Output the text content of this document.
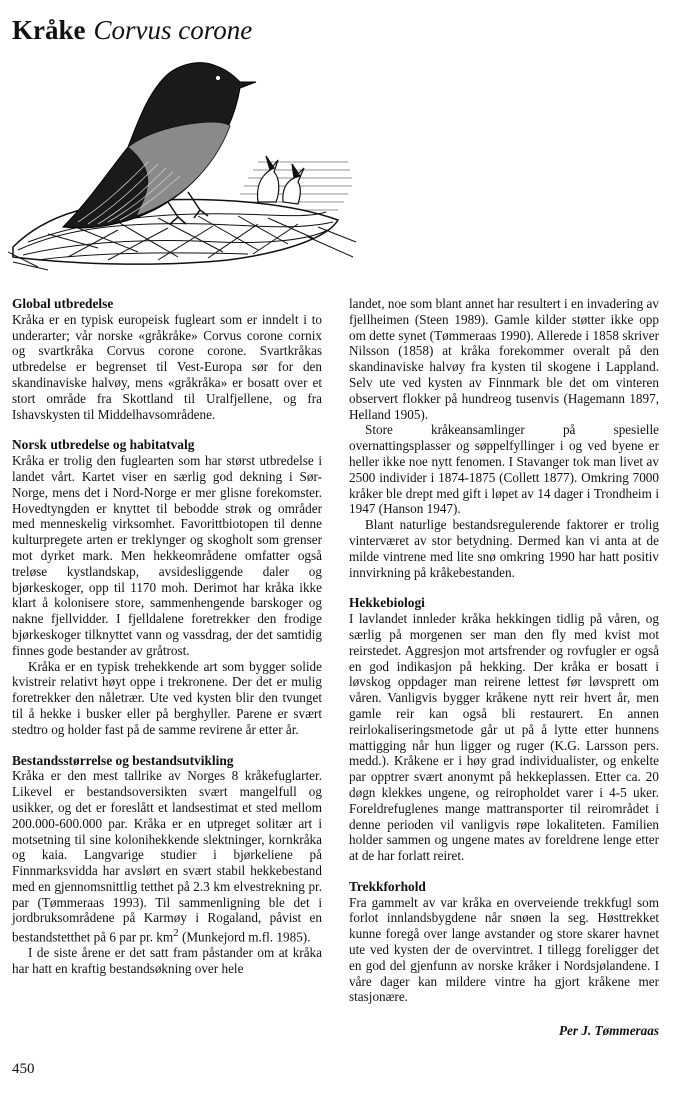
Kråke Corvus corone

Global utbredelse

Kråka er en typisk europeisk fugleart som er inndelt i to underarter; vår norske «gråkråke» Corvus corone cornix og svartkråka Corvus corone corone. Svartkråkas utbredelse er begrenset til Vest-Europa sør for den skandinaviske halvøy, mens «gråkråka» er bosatt over et stort område fra Skottland til Uralfjellene, og fra Ishavskysten til Middelhavsområdene.

Norsk utbredelse og habitatvalg

Kråka er trolig den fuglearten som har størst utbredelse i landet vårt. Kartet viser en særlig god dekning i Sør-Norge, mens det i Nord-Norge er mer glisne forekomster. Hovedtyngden er knyttet til bebodde strøk og områder med menneskelig virksomhet. Favorittbiotopen til denne kulturpregete arten er treklynger og skogholt som grenser mot dyrket mark. Men hekkeområdene omfatter også treløse kystlandskap, avsidesliggende daler og bjørkeskoger, opp til 1170 moh. Derimot har kråka ikke klart å kolonisere store, sammenhengende barskoger og nakne fjellvidder. I fjelldalene foretrekker den frodige bjørkeskoger tilknyttet vann og vassdrag, der det samtidig finnes gode bestander av gråtrost.

Kråka er en typisk trehekkende art som bygger solide kvistreir relativt høyt oppe i trekronene. Der det er mulig foretrekker den nåletrær. Ute ved kysten blir den tvunget til å hekke i busker eller på berghyller. Parene er svært stedtro og holder fast på de samme revirene år etter år.

Bestandsstørrelse og bestandsutvikling

Kråka er den mest tallrike av Norges 8 kråkefuglarter. Likevel er bestandsoversikten svært mangelfull og usikker, og det er foreslått et landsestimat et sted mellom 200.000-600.000 par. Kråka er en utpreget solitær art i motsetning til sine kolonihekkende slektninger, kornkråka og kaia. Langvarige studier i bjørkeliene på Finnmarksvidda har avslørt en svært stabil hekkebestand med en gjennomsnittlig tetthet på 2.3 km elvestrekning pr. par (Tømmeraas 1993). Til sammenligning ble det i jordbruksområdene på Karmøy i Rogaland, påvist en bestandstetthet på 6 par pr. $km^2$ (Munkejord m.fl. 1985).

I de siste årene er det satt fram påstander om at kråka har hatt en kraftig bestandsøkning over hele

landet, noe som blant annet har resultert i en invadering av fjellheimen (Steen 1989). Gamle kilder støtter ikke opp om dette synet (Tømmeraas 1990). Allerede i 1858 skriver Nilsson (1858) at kråka forekommer overalt på den skandinaviske halvøy fra kysten til skogene i Lappland. Selv ute ved kysten av Finnmark ble det om vinteren observert flokker på hundreog tusenvis (Hagemann 1897, Helland 1905).

Store kråkeansamlinger på spesielle overnattingsplasser og søppelfyllinger i og ved byene er heller ikke noe nytt fenomen. I Stavanger tok man livet av 2500 individer i 1874-1875 (Collett 1877). Omkring 7000 kråker ble drept med gift i løpet av 14 dager i Trondheim i 1947 (Hanson 1947).

Blant naturlige bestandsregulerende faktorer er trolig vinterværet av stor betydning. Dermed kan vi anta at de milde vintrene med lite snø omkring 1990 har hatt positiv innvirkning på kråkebestanden.

Hekkebiologi

I lavlandet innleder kråka hekkingen tidlig på våren, og særlig på morgenen ser man den fly med kvist mot reirstedet. Aggresjon mot artsfrender og rovfugler er også en god indikasjon på hekking. Der kråka er bosatt i løvskog oppdager man reirene lettest før løvsprett om våren. Vanligvis bygger kråkene nytt reir hvert år, men gamle reir kan også bli restaurert. En annen reirlokaliseringsmetode går ut på å lytte etter hunnens mattigging når hun ligger og ruger (K.G. Larsson pers. medd.). Kråkene er i høy grad individualister, og enkelte par opptrer svært anonymt på hekkeplassen. Etter ca. 20 døgn klekkes ungene, og reiropholdet varer i 4-5 uker. Foreldrefuglenes mange mattransporter til reirområdet i denne perioden vil vanligvis røpe lokaliteten. Familien holder sammen og ungene mates av foreldrene lenge etter at de har forlatt reiret.

Trekkforhold

Fra gammelt av var kråka en overveiende trekkfugl som forlot innlandsbygdene når snøen la seg. Høsttrekket kunne foregå over lange avstander og store skarer havnet ute ved kysten der de overvintret. I tillegg foreligger det en god del gjenfunn av norske kråker i Nordsjølandene. I våre dager kan mildere vintre ha gjort kråkene mer stasjonære.

Per J. Tømmeraas
450
